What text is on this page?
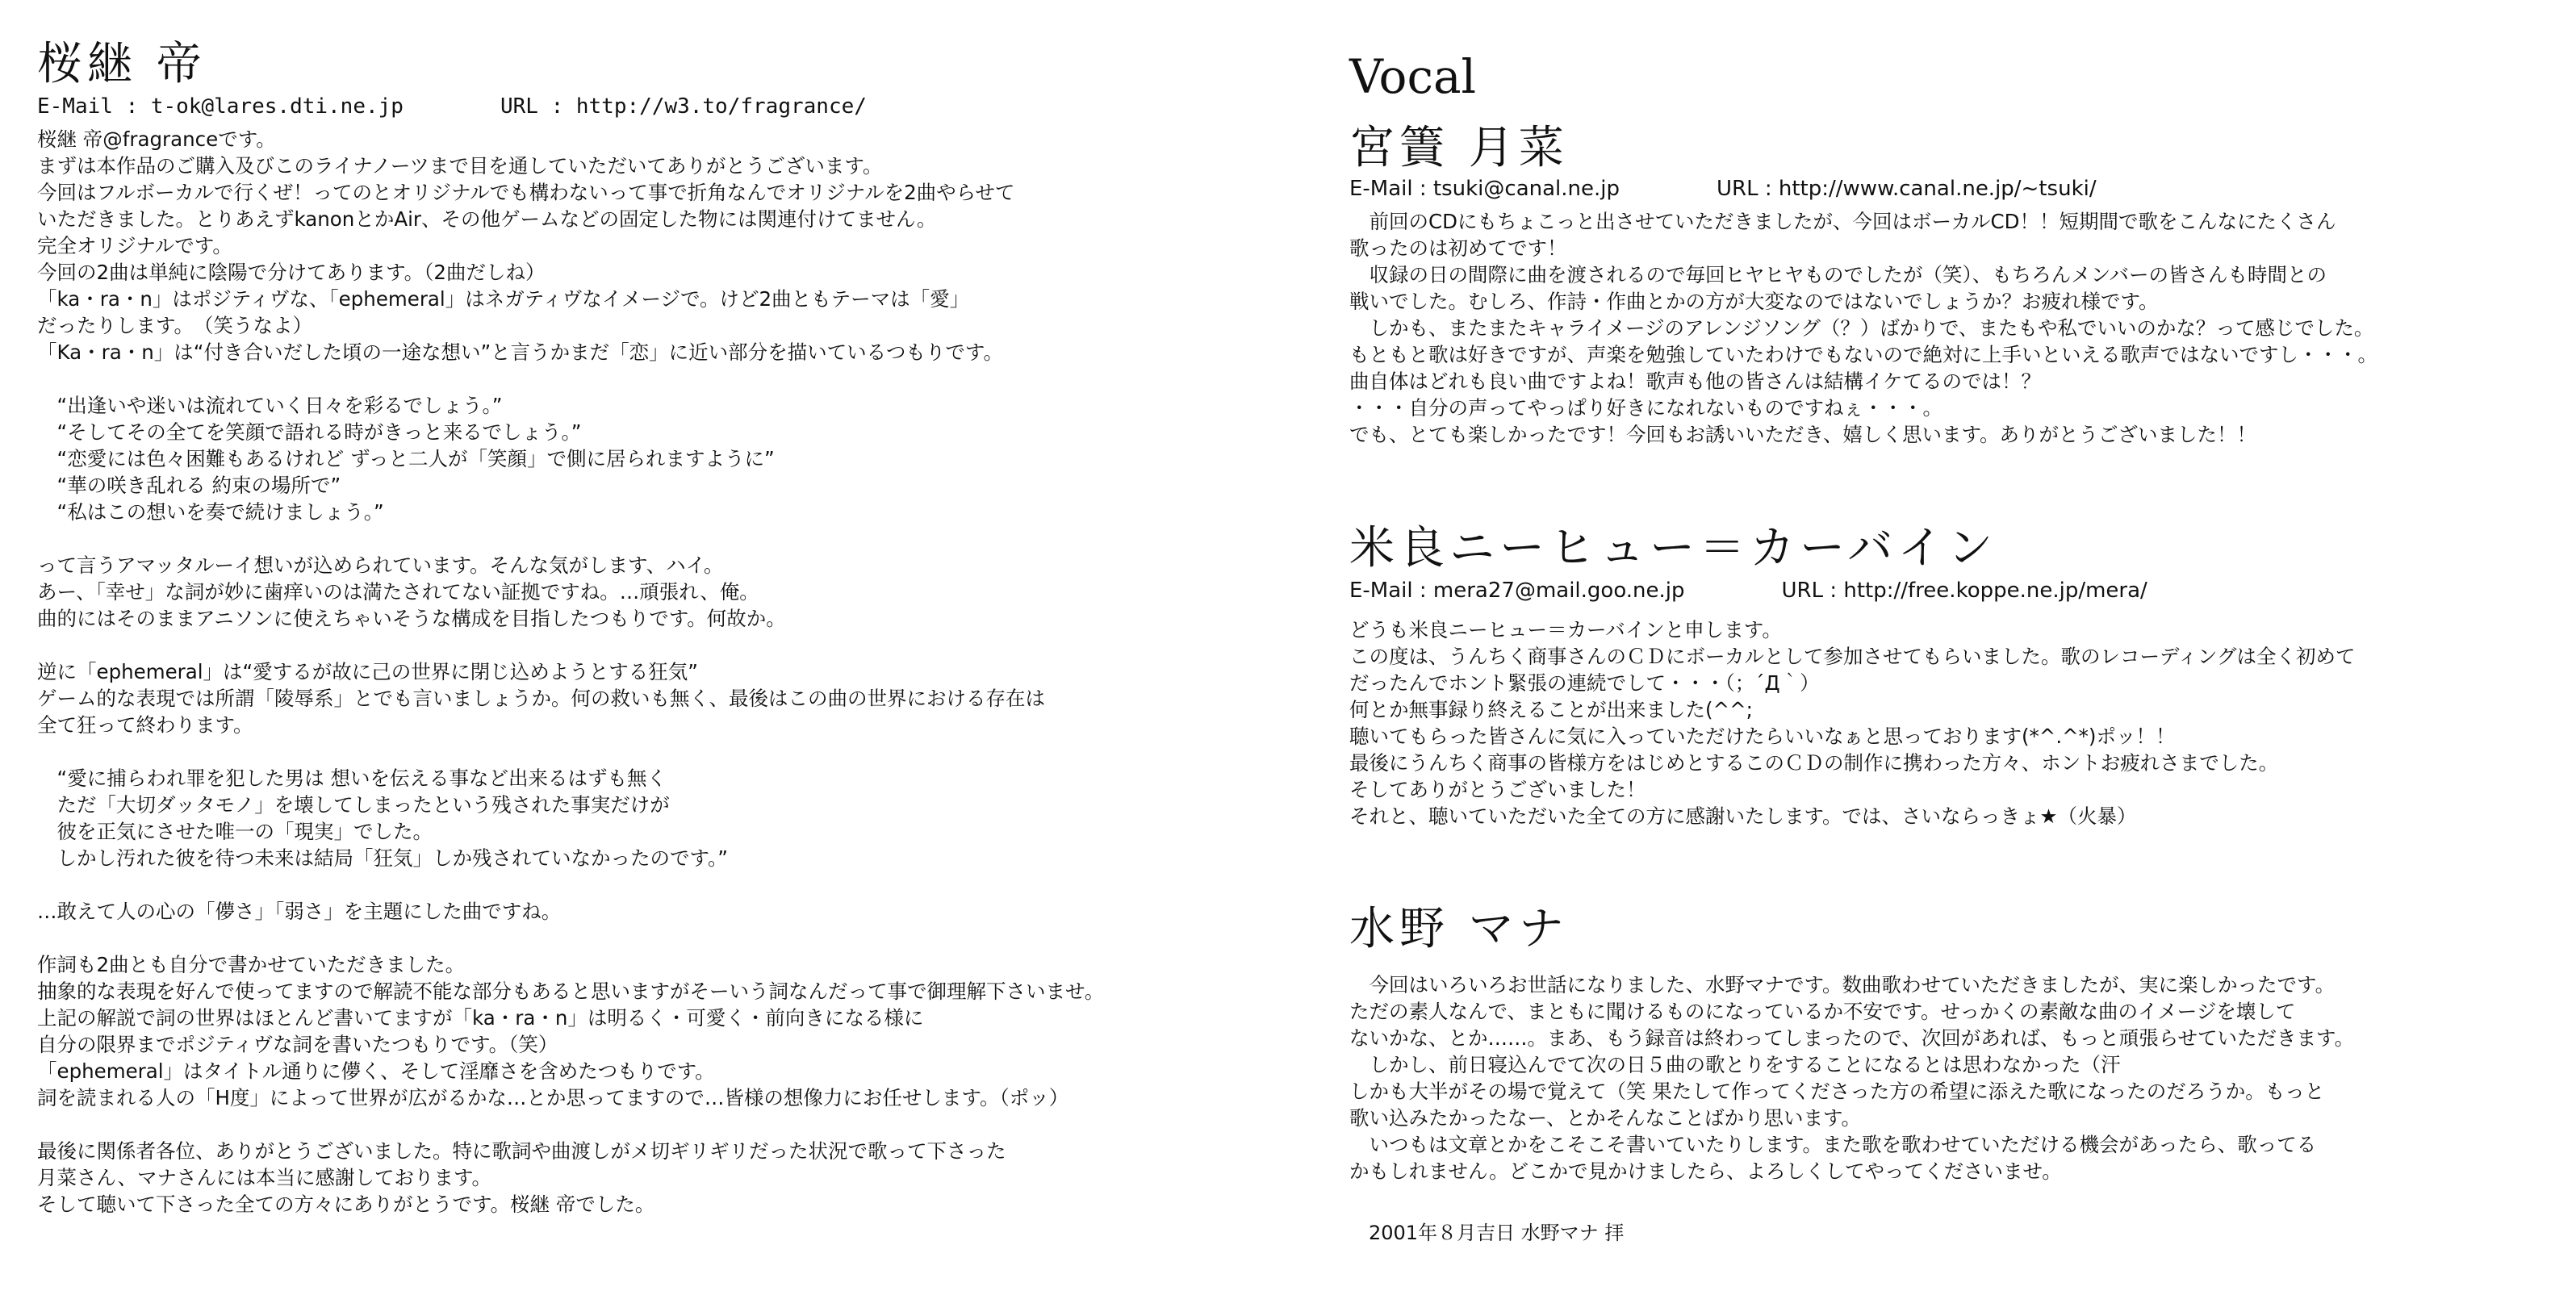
桜継 帝
E-Mail : t-ok@lares.dti.ne.jp	URL : http://w3.to/fragrance/

桜継 帝@fragranceです。

まずは本作品のご購入及びこのライナノーツまで目を通していただいてありがとうございます。

今回はフルボーカルで行くぜ！ってのとオリジナルでも構わないって事で折角なんでオリジナルを2曲やらせて

いただきました。とりあえずkanonとかAir、その他ゲームなどの固定した物には関連付けてません。

完全オリジナルです。

今回の2曲は単純に陰陽で分けてあります。（2曲だしね）

「ka・ra・n」はポジティヴな、「ephemeral」はネガティヴなイメージで。けど2曲ともテーマは「愛」

だったりします。　（笑うなよ）

「Ka・ra・n」は“付き合いだした頃の一途な想い”と言うかまだ「恋」に近い部分を描いているつもりです。

　“出逢いや迷いは流れていく日々を彩るでしょう。”

　“そしてその全てを笑顔で語れる時がきっと来るでしょう。”

　“恋愛には色々困難もあるけれど ずっと二人が「笑顔」で側に居られますように”

　“華の咲き乱れる 約束の場所で”

　“私はこの想いを奏で続けましょう。”

って言うアマッタルーイ想いが込められています。そんな気がします、ハイ。

あー、「幸せ」な詞が妙に歯痒いのは満たされてない証拠ですね。…頑張れ、俺。

曲的にはそのままアニソンに使えちゃいそうな構成を目指したつもりです。何故か。

逆に「ephemeral」は“愛するが故に己の世界に閉じ込めようとする狂気”

ゲーム的な表現では所謂「陵辱系」とでも言いましょうか。何の救いも無く、最後はこの曲の世界における存在は

全て狂って終わります。

　“愛に捕らわれ罪を犯した男は 想いを伝える事など出来るはずも無く

　ただ「大切ダッタモノ」を壊してしまったという残された事実だけが

　彼を正気にさせた唯一の「現実」でした。

　しかし汚れた彼を待つ未来は結局「狂気」しか残されていなかったのです。”

…敢えて人の心の「儚さ」「弱さ」を主題にした曲ですね。

作詞も2曲とも自分で書かせていただきました。

抽象的な表現を好んで使ってますので解読不能な部分もあると思いますがそーいう詞なんだって事で御理解下さいませ。

上記の解説で詞の世界はほとんど書いてますが「ka・ra・n」は明るく・可愛く・前向きになる様に

自分の限界までポジティヴな詞を書いたつもりです。（笑）

「ephemeral」はタイトル通りに儚く、そして淫靡さを含めたつもりです。

詞を読まれる人の「H度」によって世界が広がるかな…とか思ってますので…皆様の想像力にお任せします。（ポッ）

最後に関係者各位、ありがとうございました。特に歌詞や曲渡しがメ切ギリギリだった状況で歌って下さった

月菜さん、マナさんには本当に感謝しております。

そして聴いて下さった全ての方々にありがとうです。桜継 帝でした。

Vocal
宮簀 月菜
E-Mail : tsuki@canal.ne.jp	URL : http://www.canal.ne.jp/~tsuki/

　前回のCDにもちょこっと出させていただきましたが、今回はボーカルCD！！短期間で歌をこんなにたくさん

歌ったのは初めてです！

　収録の日の間際に曲を渡されるので毎回ヒヤヒヤものでしたが（笑）、もちろんメンバーの皆さんも時間との

戦いでした。むしろ、作詩・作曲とかの方が大変なのではないでしょうか？お疲れ様です。

　しかも、またまたキャライメージのアレンジソング（？）ばかりで、またもや私でいいのかな？って感じでした。

もともと歌は好きですが、声楽を勉強していたわけでもないので絶対に上手いといえる歌声ではないですし・・・。

曲自体はどれも良い曲ですよね！歌声も他の皆さんは結構イケてるのでは！？

・・・自分の声ってやっぱり好きになれないものですねぇ・・・。

でも、とても楽しかったです！今回もお誘いいただき、嬉しく思います。ありがとうございました！！

米良ニーヒュー＝カーバイン
E-Mail : mera27@mail.goo.ne.jp	URL : http://free.koppe.ne.jp/mera/

どうも米良ニーヒュー＝カーバインと申します。

この度は、うんちく商事さんのＣＤにボーカルとして参加させてもらいました。歌のレコーディングは全く初めて

だったんでホント緊張の連続でして・・・（；´Д｀）

何とか無事録り終えることが出来ました(^^;

聴いてもらった皆さんに気に入っていただけたらいいなぁと思っております(*^.^*)ポッ！！

最後にうんちく商事の皆様方をはじめとするこのＣＤの制作に携わった方々、ホントお疲れさまでした。

そしてありがとうございました！

それと、聴いていただいた全ての方に感謝いたします。では、さいならっきょ★（火暴）

水野 マナ

　今回はいろいろお世話になりました、水野マナです。数曲歌わせていただきましたが、実に楽しかったです。

ただの素人なんで、まともに聞けるものになっているか不安です。せっかくの素敵な曲のイメージを壊して

ないかな、とか……。まあ、もう録音は終わってしまったので、次回があれば、もっと頑張らせていただきます。

　しかし、前日寝込んでて次の日５曲の歌とりをすることになるとは思わなかった（汗

しかも大半がその場で覚えて（笑 果たして作ってくださった方の希望に添えた歌になったのだろうか。もっと

歌い込みたかったなー、とかそんなことばかり思います。

　いつもは文章とかをこそこそ書いていたりします。また歌を歌わせていただける機会があったら、歌ってる

かもしれません。どこかで見かけましたら、よろしくしてやってくださいませ。

2001年８月吉日 水野マナ 拝
